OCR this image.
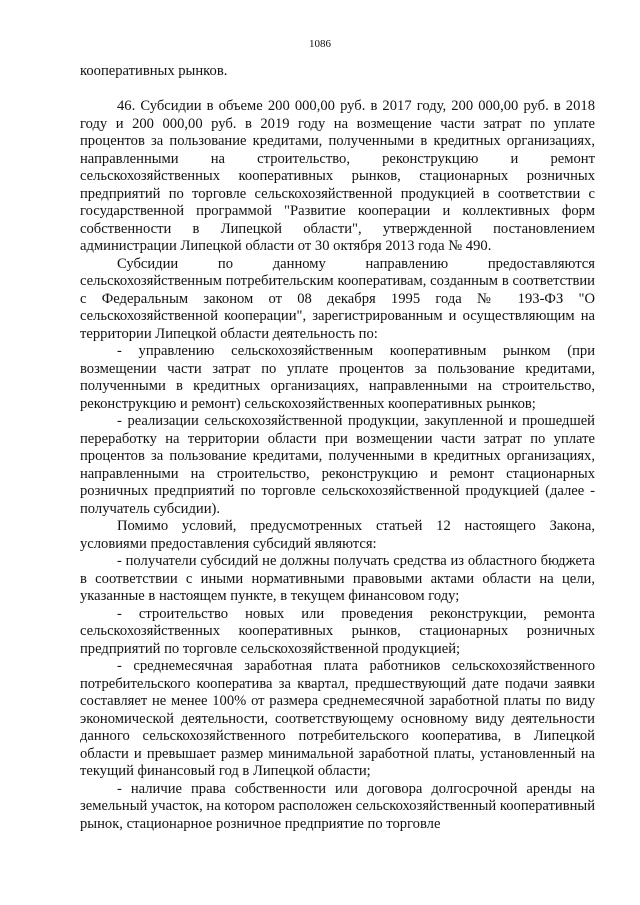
1086

кооперативных рынков.

46. Субсидии в объеме 200 000,00 руб. в 2017 году, 200 000,00 руб. в 2018 году и 200 000,00 руб. в 2019 году на возмещение части затрат по уплате процентов за пользование кредитами, полученными в кредитных организациях, направленными на строительство, реконструкцию и ремонт сельскохозяйственных кооперативных рынков, стационарных розничных предприятий по торговле сельскохозяйственной продукцией в соответствии с государственной программой "Развитие кооперации и коллективных форм собственности в Липецкой области", утвержденной постановлением администрации Липецкой области от 30 октября 2013 года № 490.

Субсидии по данному направлению предоставляются сельскохозяйственным потребительским кооперативам, созданным в соответствии с Федеральным законом от 08 декабря 1995 года № 193-ФЗ "О сельскохозяйственной кооперации", зарегистрированным и осуществляющим на территории Липецкой области деятельность по:

- управлению сельскохозяйственным кооперативным рынком (при возмещении части затрат по уплате процентов за пользование кредитами, полученными в кредитных организациях, направленными на строительство, реконструкцию и ремонт) сельскохозяйственных кооперативных рынков;

- реализации сельскохозяйственной продукции, закупленной и прошедшей переработку на территории области при возмещении части затрат по уплате процентов за пользование кредитами, полученными в кредитных организациях, направленными на строительство, реконструкцию и ремонт стационарных розничных предприятий по торговле сельскохозяйственной продукцией (далее - получатель субсидии).

Помимо условий, предусмотренных статьей 12 настоящего Закона, условиями предоставления субсидий являются:

- получатели субсидий не должны получать средства из областного бюджета в соответствии с иными нормативными правовыми актами области на цели, указанные в настоящем пункте, в текущем финансовом году;

- строительство новых или проведения реконструкции, ремонта сельскохозяйственных кооперативных рынков, стационарных розничных предприятий по торговле сельскохозяйственной продукцией;

- среднемесячная заработная плата работников сельскохозяйственного потребительского кооператива за квартал, предшествующий дате подачи заявки составляет не менее 100% от размера среднемесячной заработной платы по виду экономической деятельности, соответствующему основному виду деятельности данного сельскохозяйственного потребительского кооператива, в Липецкой области и превышает размер минимальной заработной платы, установленный на текущий финансовый год в Липецкой области;

- наличие права собственности или договора долгосрочной аренды на земельный участок, на котором расположен сельскохозяйственный кооперативный рынок, стационарное розничное предприятие по торговле
